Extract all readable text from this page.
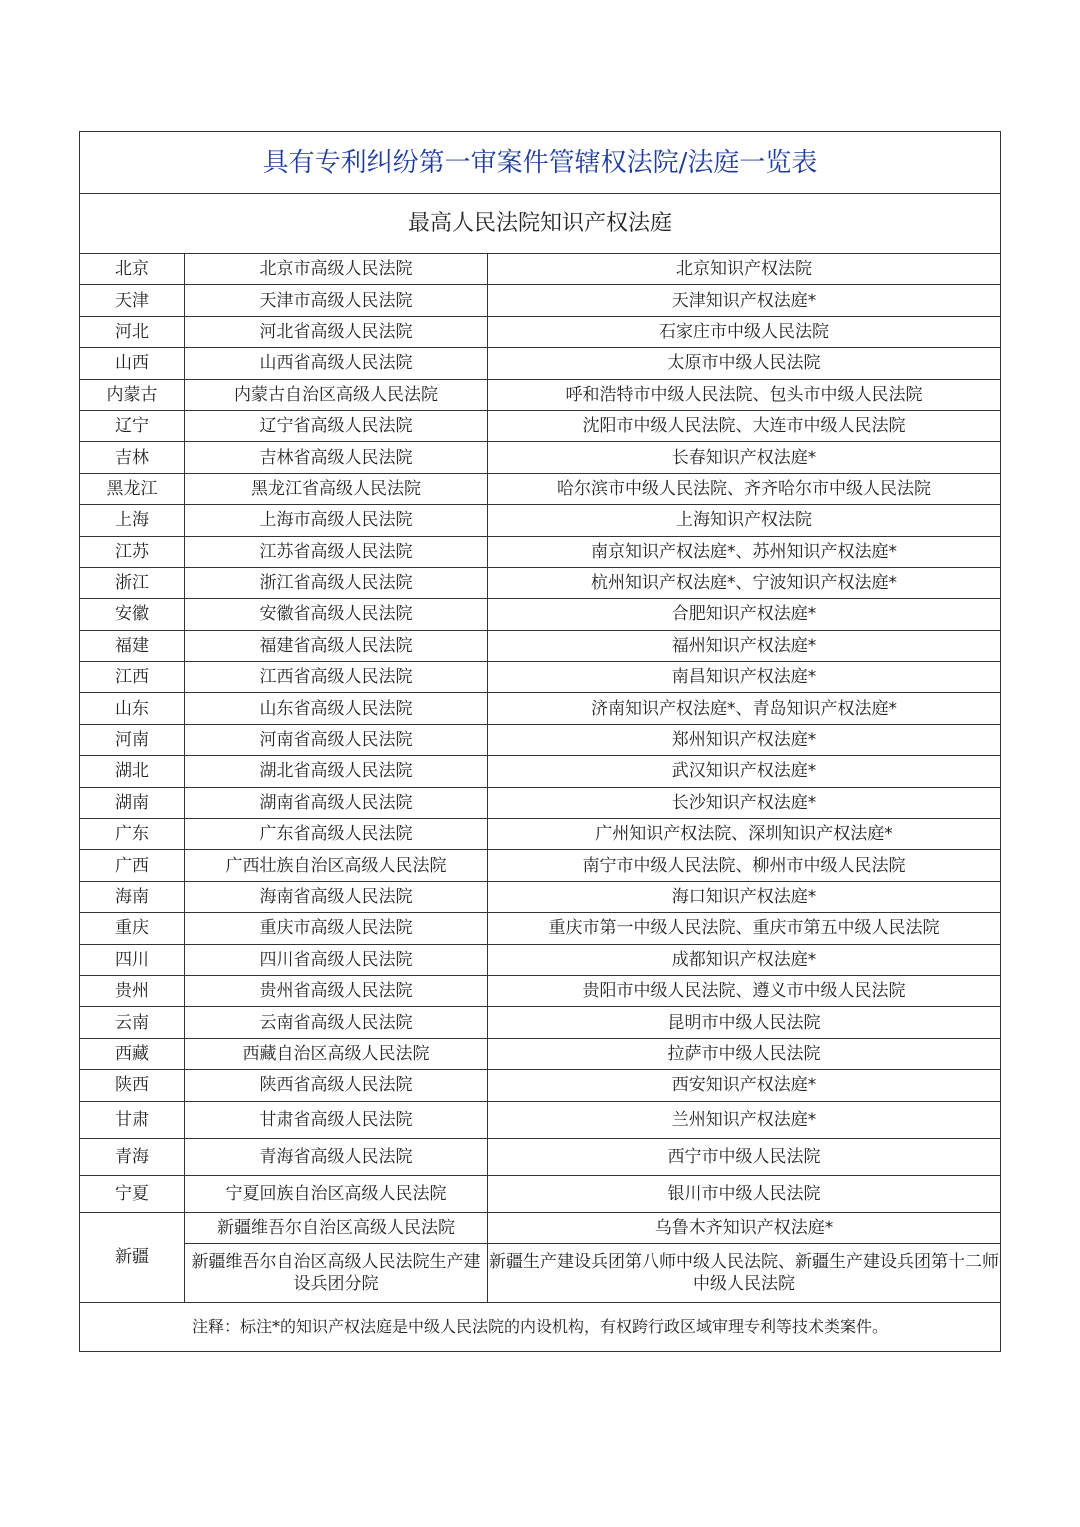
具有专利纠纷第一审案件管辖权法院/法庭一览表		
最高人民法院知识产权法庭		
北京	北京市高级人民法院	北京知识产权法院
天津	天津市高级人民法院	天津知识产权法庭*
河北	河北省高级人民法院	石家庄市中级人民法院
山西	山西省高级人民法院	太原市中级人民法院
内蒙古	内蒙古自治区高级人民法院	呼和浩特市中级人民法院、包头市中级人民法院
辽宁	辽宁省高级人民法院	沈阳市中级人民法院、大连市中级人民法院
吉林	吉林省高级人民法院	长春知识产权法庭*
黑龙江	黑龙江省高级人民法院	哈尔滨市中级人民法院、齐齐哈尔市中级人民法院
上海	上海市高级人民法院	上海知识产权法院
江苏	江苏省高级人民法院	南京知识产权法庭*、苏州知识产权法庭*
浙江	浙江省高级人民法院	杭州知识产权法庭*、宁波知识产权法庭*
安徽	安徽省高级人民法院	合肥知识产权法庭*
福建	福建省高级人民法院	福州知识产权法庭*
江西	江西省高级人民法院	南昌知识产权法庭*
山东	山东省高级人民法院	济南知识产权法庭*、青岛知识产权法庭*
河南	河南省高级人民法院	郑州知识产权法庭*
湖北	湖北省高级人民法院	武汉知识产权法庭*
湖南	湖南省高级人民法院	长沙知识产权法庭*
广东	广东省高级人民法院	广州知识产权法院、深圳知识产权法庭*
广西	广西壮族自治区高级人民法院	南宁市中级人民法院、柳州市中级人民法院
海南	海南省高级人民法院	海口知识产权法庭*
重庆	重庆市高级人民法院	重庆市第一中级人民法院、重庆市第五中级人民法院
四川	四川省高级人民法院	成都知识产权法庭*
贵州	贵州省高级人民法院	贵阳市中级人民法院、遵义市中级人民法院
云南	云南省高级人民法院	昆明市中级人民法院
西藏	西藏自治区高级人民法院	拉萨市中级人民法院
陕西	陕西省高级人民法院	西安知识产权法庭*
甘肃	甘肃省高级人民法院	兰州知识产权法庭*
青海	青海省高级人民法院	西宁市中级人民法院
宁夏	宁夏回族自治区高级人民法院	银川市中级人民法院
新疆	新疆维吾尔自治区高级人民法院	乌鲁木齐知识产权法庭*
	新疆维吾尔自治区高级人民法院生产建设兵团分院	新疆生产建设兵团第八师中级人民法院、新疆生产建设兵团第十二师中级人民法院
注释：标注*的知识产权法庭是中级人民法院的内设机构，有权跨行政区域审理专利等技术类案件。		
